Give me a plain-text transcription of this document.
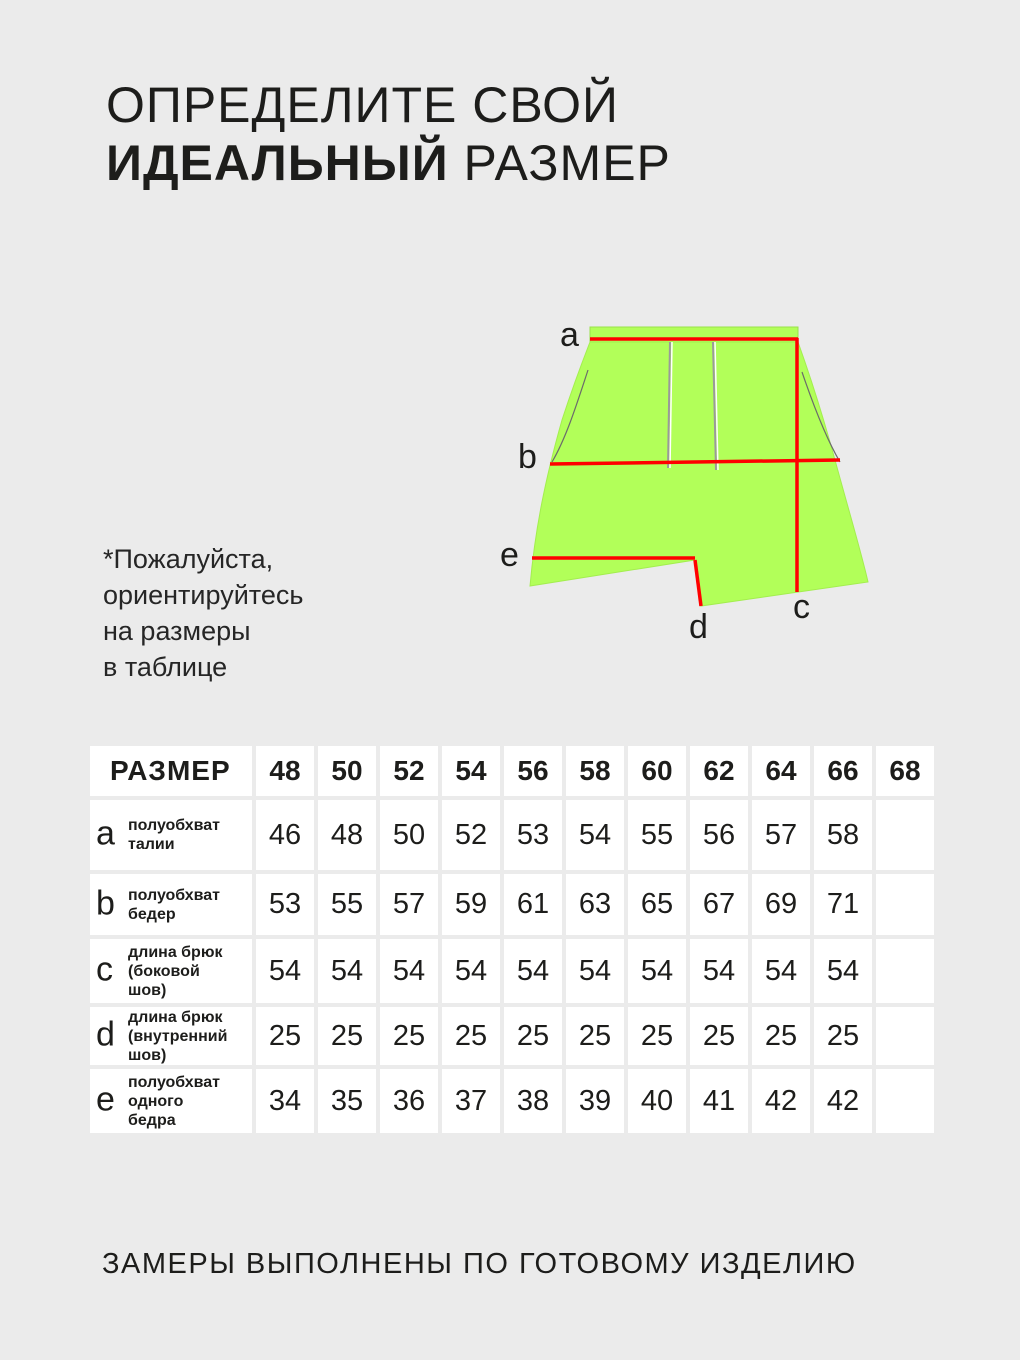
ОПРЕДЕЛИТЕ СВОЙ
ИДЕАЛЬНЫЙ РАЗМЕР
*Пожалуйста,
ориентируйтесь
на размеры
в таблице
a
b
e
d
c
РАЗМЕР	48	50	52	54	56	58	60	62	64	66	68

a полуобхват
талии	46	48	50	52	53	54	55	56	57	58	

b полуобхват
бедер	53	55	57	59	61	63	65	67	69	71	

c длина брюк
(боковой
шов)	54	54	54	54	54	54	54	54	54	54	

d длина брюк
(внутренний
шов)	25	25	25	25	25	25	25	25	25	25	

e полуобхват
одного
бедра	34	35	36	37	38	39	40	41	42	42	
ЗАМЕРЫ ВЫПОЛНЕНЫ ПО ГОТОВОМУ ИЗДЕЛИЮ
